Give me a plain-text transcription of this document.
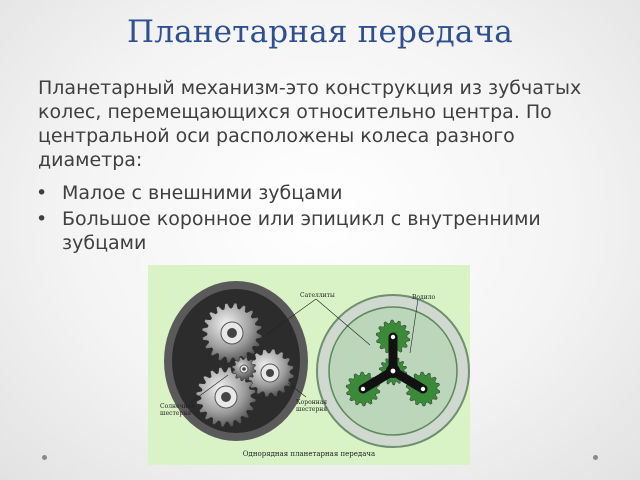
Планетарная передача
Планетарный механизм-это конструкция из зубчатых колес, перемещающихся относительно центра. По центральной оси расположены колеса разного диаметра:
• Малое с внешними зубцами
• Большое коронное или эпицикл с внутренними зубцами
Сателлиты	Водило
Солнечная
шестерня
Коронная
шестерня
Однорядная планетарная передача
